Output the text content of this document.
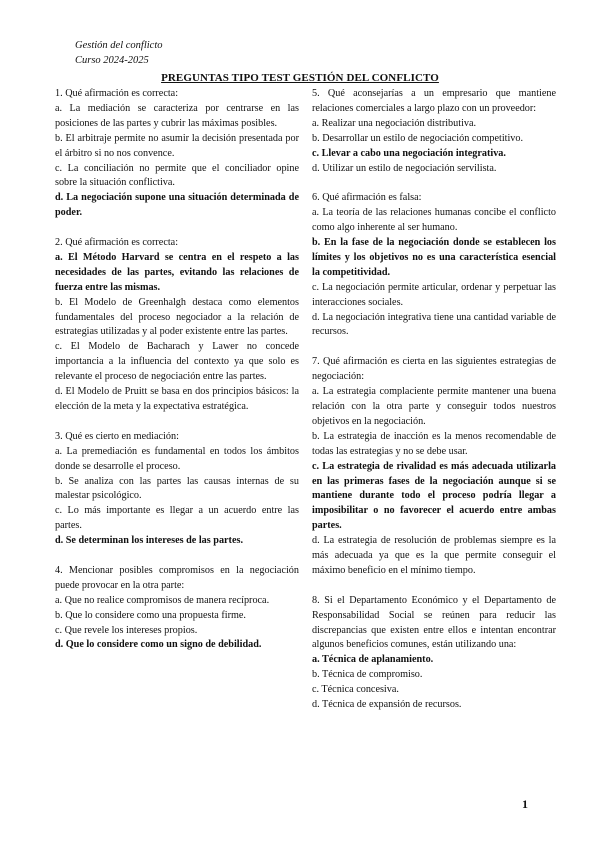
Gestión del conflicto
Curso 2024-2025
PREGUNTAS TIPO TEST GESTIÓN DEL CONFLICTO

1. Qué afirmación es correcta:

a. La mediación se caracteriza por centrarse en las posiciones de las partes y cubrir las máximas posibles.

b. El arbitraje permite no asumir la decisión presentada por el árbitro si no nos convence.

c. La conciliación no permite que el conciliador opine sobre la situación conflictiva.

d. La negociación supone una situación determinada de poder.

2. Qué afirmación es correcta:

a. El Método Harvard se centra en el respeto a las necesidades de las partes, evitando las relaciones de fuerza entre las mismas.

b. El Modelo de Greenhalgh destaca como elementos fundamentales del proceso negociador a la relación de estrategias utilizadas y al poder existente entre las partes.

c. El Modelo de Bacharach y Lawer no concede importancia a la influencia del contexto ya que solo es relevante el proceso de negociación entre las partes.

d. El Modelo de Pruitt se basa en dos principios básicos: la elección de la meta y la expectativa estratégica.

3. Qué es cierto en mediación:

a. La premediación es fundamental en todos los ámbitos donde se desarrolle el proceso.

b. Se analiza con las partes las causas internas de su malestar psicológico.

c. Lo más importante es llegar a un acuerdo entre las partes.

d. Se determinan los intereses de las partes.

4. Mencionar posibles compromisos en la negociación puede provocar en la otra parte:

a. Que no realice compromisos de manera recíproca.

b. Que lo considere como una propuesta firme.

c. Que revele los intereses propios.

d. Que lo considere como un signo de debilidad.

5. Qué aconsejarías a un empresario que mantiene relaciones comerciales a largo plazo con un proveedor:

a. Realizar una negociación distributiva.

b. Desarrollar un estilo de negociación competitivo.

c. Llevar a cabo una negociación integrativa.

d. Utilizar un estilo de negociación servilista.

6. Qué afirmación es falsa:

a. La teoría de las relaciones humanas concibe el conflicto como algo inherente al ser humano.

b. En la fase de la negociación donde se establecen los límites y los objetivos no es una característica esencial la competitividad.

c. La negociación permite articular, ordenar y perpetuar las interacciones sociales.

d. La negociación integrativa tiene una cantidad variable de recursos.

7. Qué afirmación es cierta en las siguientes estrategias de negociación:

a. La estrategia complaciente permite mantener una buena relación con la otra parte y conseguir todos nuestros objetivos en la negociación.

b. La estrategia de inacción es la menos recomendable de todas las estrategias y no se debe usar.

c. La estrategia de rivalidad es más adecuada utilizarla en las primeras fases de la negociación aunque si se mantiene durante todo el proceso podría llegar a imposibilitar o no favorecer el acuerdo entre ambas partes.

d. La estrategia de resolución de problemas siempre es la más adecuada ya que es la que permite conseguir el máximo beneficio en el mínimo tiempo.

8. Si el Departamento Económico y el Departamento de Responsabilidad Social se reúnen para reducir las discrepancias que existen entre ellos e intentan encontrar algunos beneficios comunes, están utilizando una:

a. Técnica de aplanamiento.

b. Técnica de compromiso.

c. Técnica concesiva.

d. Técnica de expansión de recursos.

1
